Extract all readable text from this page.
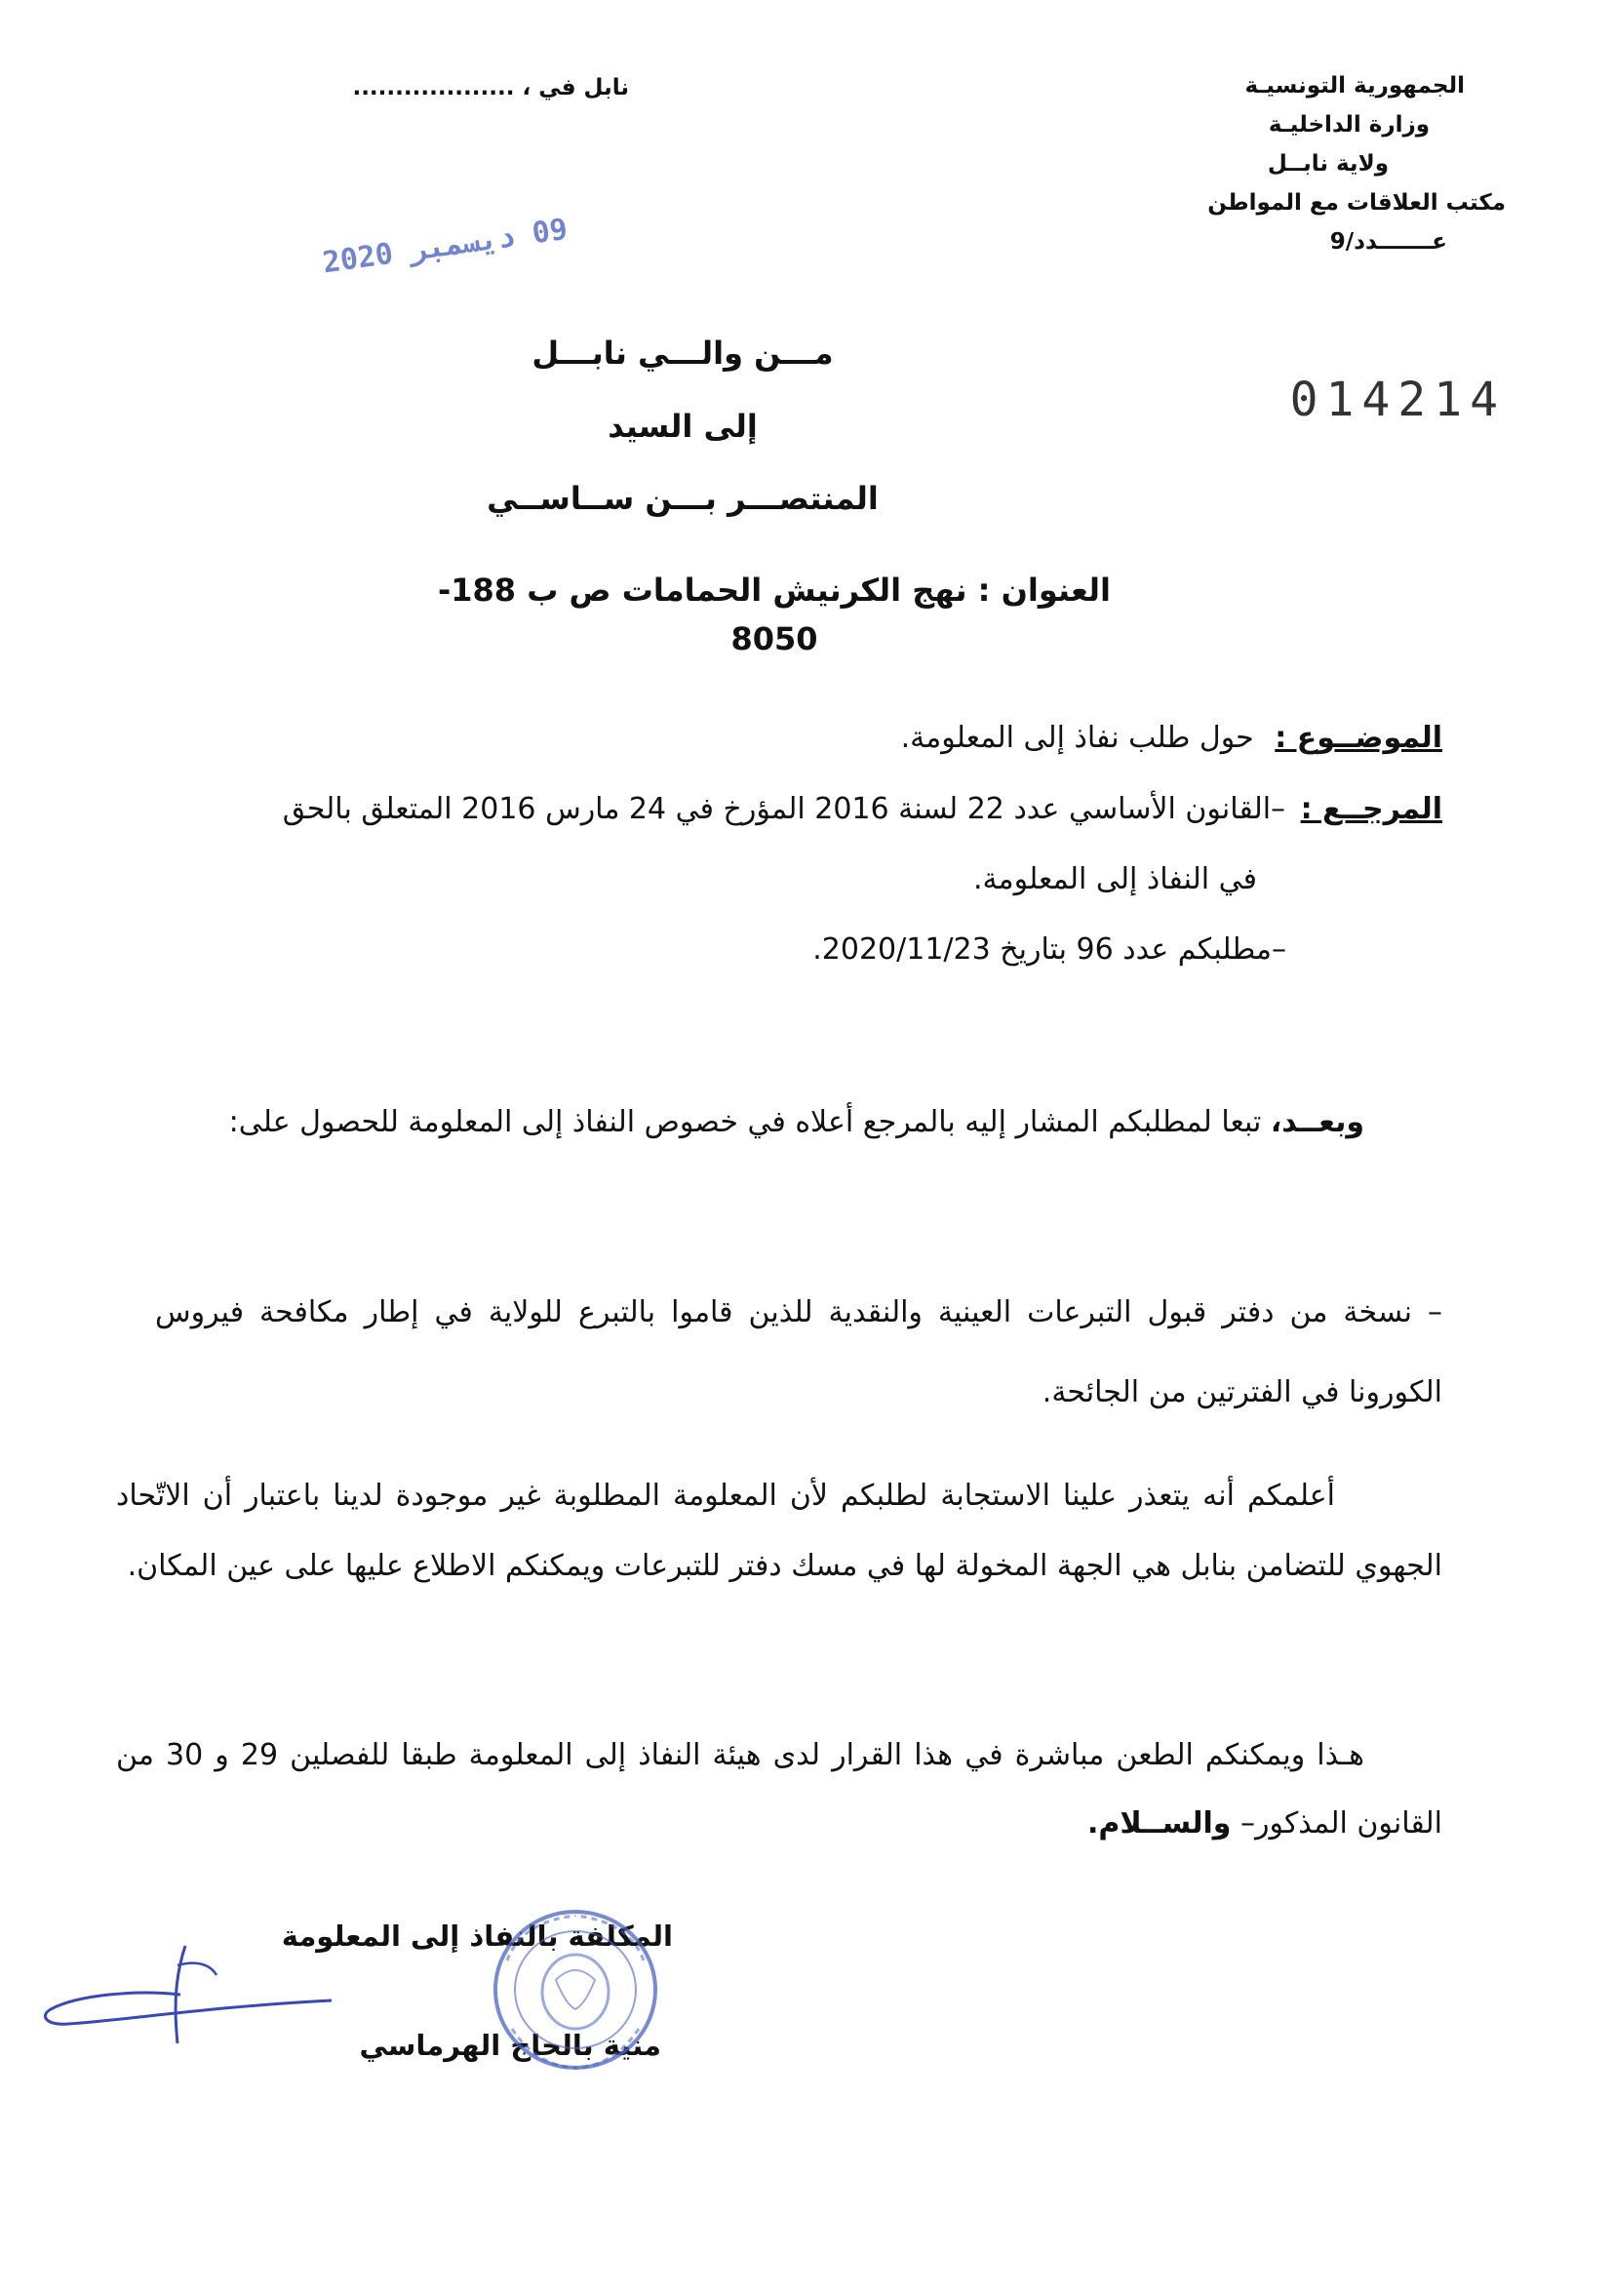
الجمهورية التونسيـة
وزارة الداخليـة
ولاية نابــل
مكتب العلاقات مع المواطن
عـــــــدد/9
نابل في ، ...................
09 ديسمبر 2020
014214
مـــن والـــي نابـــل
إلى السيد
المنتصـــر بـــن ســاســي
العنوان : نهج الكرنيش الحمامات ص ب 188-8050
الموضــوع : حول طلب نفاذ إلى المعلومة.
المرجــع : –القانون الأساسي عدد 22 لسنة 2016 المؤرخ في 24 مارس 2016 المتعلق بالحق
في النفاذ إلى المعلومة.
–مطلبكم عدد 96 بتاريخ 2020/11/23.
وبعــد، تبعا لمطلبكم المشار إليه بالمرجع أعلاه في خصوص النفاذ إلى المعلومة للحصول على:
– نسخة من دفتر قبول التبرعات العينية والنقدية للذين قاموا بالتبرع للولاية في إطار مكافحة فيروس الكورونا في الفترتين من الجائحة.
أعلمكم أنه يتعذر علينا الاستجابة لطلبكم لأن المعلومة المطلوبة غير موجودة لدينا باعتبار أن الاتّحاد الجهوي للتضامن بنابل هي الجهة المخولة لها في مسك دفتر للتبرعات ويمكنكم الاطلاع عليها على عين المكان.
هـذا ويمكنكم الطعن مباشرة في هذا القرار لدى هيئة النفاذ إلى المعلومة طبقا للفصلين 29 و 30 من القانون المذكور– والســلام.
المكلفة بالنفاذ إلى المعلومة
منية بالحاج الهرماسي
